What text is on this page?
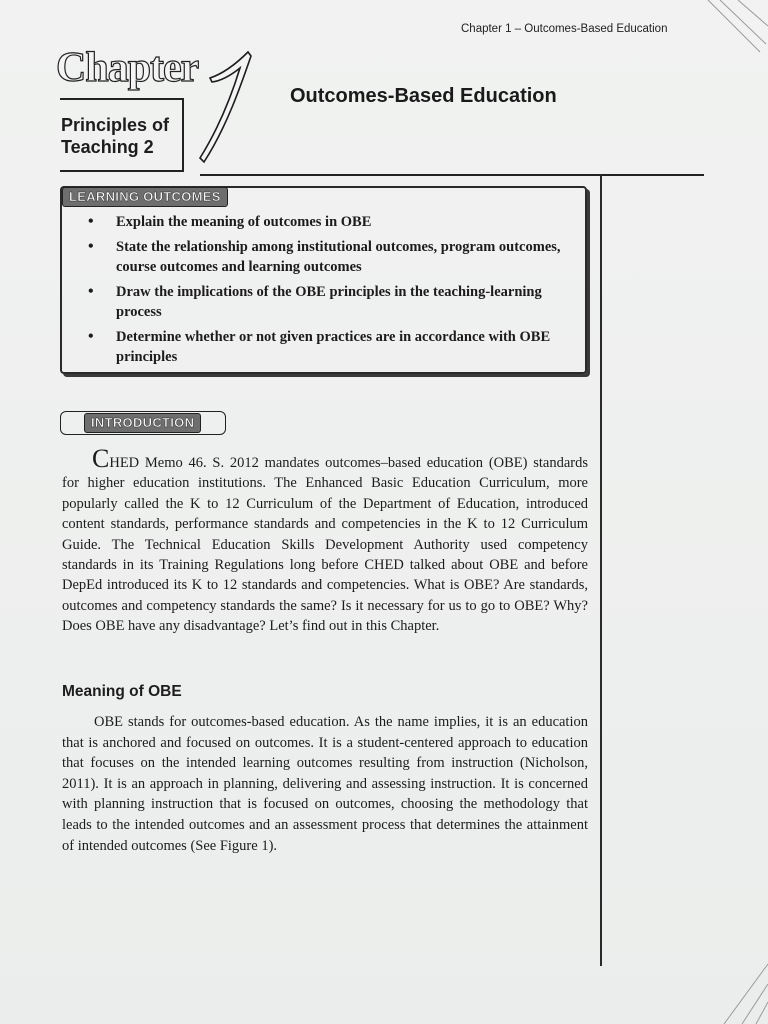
Chapter 1 – Outcomes-Based Education
Chapter
Principles of Teaching 2
Outcomes-Based Education
LEARNING OUTCOMES
• Explain the meaning of outcomes in OBE
• State the relationship among institutional outcomes, program outcomes, course outcomes and learning outcomes
• Draw the implications of the OBE principles in the teaching-learning process
• Determine whether or not given practices are in accordance with OBE principles
INTRODUCTION

CHED Memo 46. S. 2012 mandates outcomes–based education (OBE) standards for higher education institutions. The Enhanced Basic Education Curriculum, more popularly called the K to 12 Curriculum of the Department of Education, introduced content standards, performance standards and competencies in the K to 12 Curriculum Guide. The Technical Education Skills Development Authority used competency standards in its Training Regulations long before CHED talked about OBE and before DepEd introduced its K to 12 standards and competencies. What is OBE? Are standards, outcomes and competency standards the same? Is it necessary for us to go to OBE? Why? Does OBE have any disadvantage? Let’s find out in this Chapter.

Meaning of OBE

OBE stands for outcomes-based education. As the name implies, it is an education that is anchored and focused on outcomes. It is a student-centered approach to education that focuses on the intended learning outcomes resulting from instruction (Nicholson, 2011). It is an approach in planning, delivering and assessing instruction. It is concerned with planning instruction that is focused on outcomes, choosing the methodology that leads to the intended outcomes and an assessment process that determines the attainment of intended outcomes (See Figure 1).
